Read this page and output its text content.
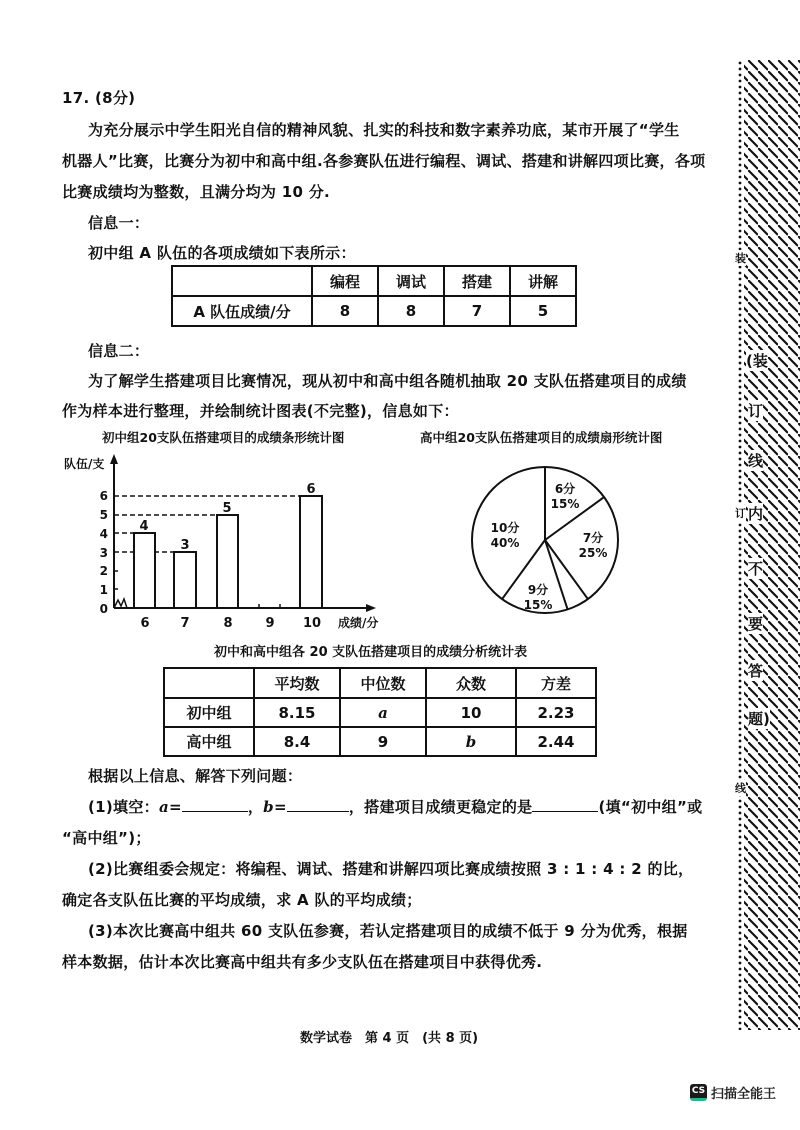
17. (8分)
为充分展示中学生阳光自信的精神风貌、扎实的科技和数字素养功底，某市开展了“学生
机器人”比赛，比赛分为初中和高中组.各参赛队伍进行编程、调试、搭建和讲解四项比赛，各项
比赛成绩均为整数，且满分均为 10 分.
信息一：
初中组 A 队伍的各项成绩如下表所示：
	编程	调试	搭建	讲解
A 队伍成绩/分	8	8	7	5
信息二：
为了解学生搭建项目比赛情况，现从初中和高中组各随机抽取 20 支队伍搭建项目的成绩
作为样本进行整理，并绘制统计图表(不完整)，信息如下：
初中组20支队伍搭建项目的成绩条形统计图	高中组20支队伍搭建项目的成绩扇形统计图
0
1
2
3
4
5
6
4
3
5
6
6 7	8	9 10 成绩/分
队伍/支
6分
15%
7分
25%
9分
15%
10分
40%
初中和高中组各 20 支队伍搭建项目的成绩分析统计表
	平均数	中位数	众数	方差
初中组	8.15	a	10	2.23
高中组	8.4	9	b	2.44
根据以上信息、解答下列问题：
(1)填空：a=	，b=	，搭建项目成绩更稳定的是	(填“初中组”或
“高中组”)；
(2)比赛组委会规定：将编程、调试、搭建和讲解四项比赛成绩按照 3 : 1 : 4 : 2 的比，
确定各支队伍比赛的平均成绩，求 A 队的平均成绩；
(3)本次比赛高中组共 60 支队伍参赛，若认定搭建项目的成绩不低于 9 分为优秀，根据
样本数据，估计本次比赛高中组共有多少支队伍在搭建项目中获得优秀.
装
订
线
(装
订
线
内
不
要
答
题)
数学试卷　第 4 页　(共 8 页)
CS 扫描全能王
